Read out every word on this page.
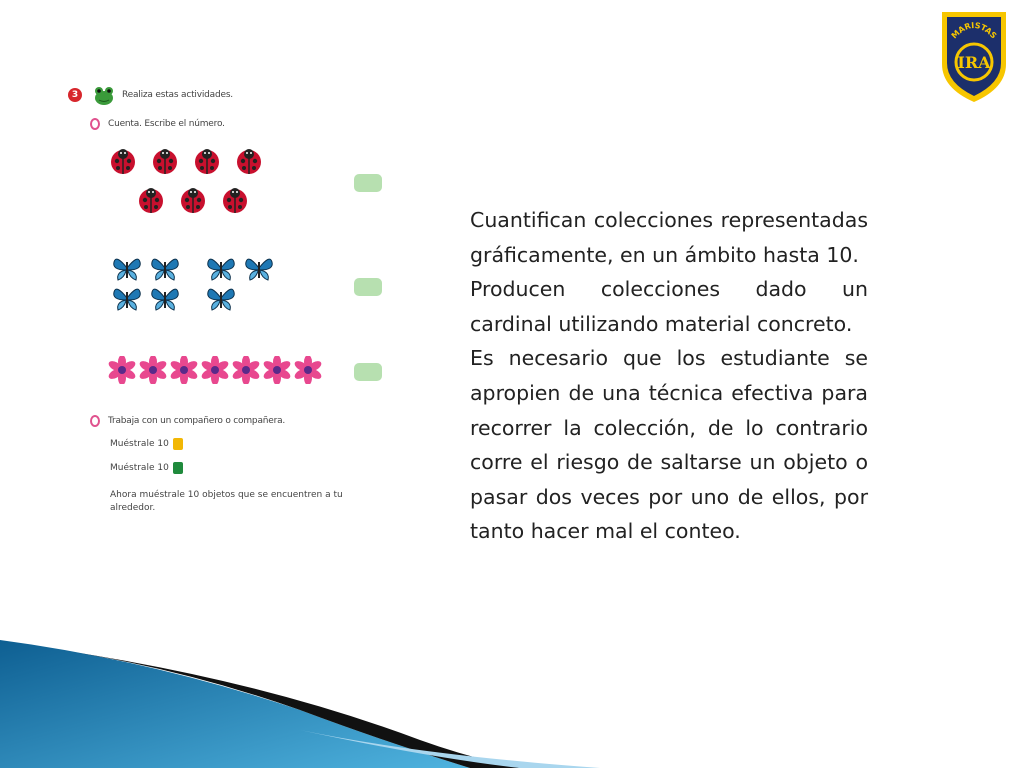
MARISTAS
IRA
3	Realiza estas actividades.
Cuenta. Escribe el número.
Trabaja con un compañero o compañera.
Muéstrale 10
Muéstrale 10
Ahora muéstrale 10 objetos que se encuentren a tu alrededor.

Cuantifican colecciones representadas gráficamente, en un ámbito hasta 10.

Producen colecciones dado un cardinal utilizando material concreto.

Es necesario que los estudiante se apropien de una técnica efectiva para recorrer la colección, de lo contrario corre el riesgo de saltarse un objeto o pasar dos veces por uno de ellos, por tanto hacer mal el conteo.
